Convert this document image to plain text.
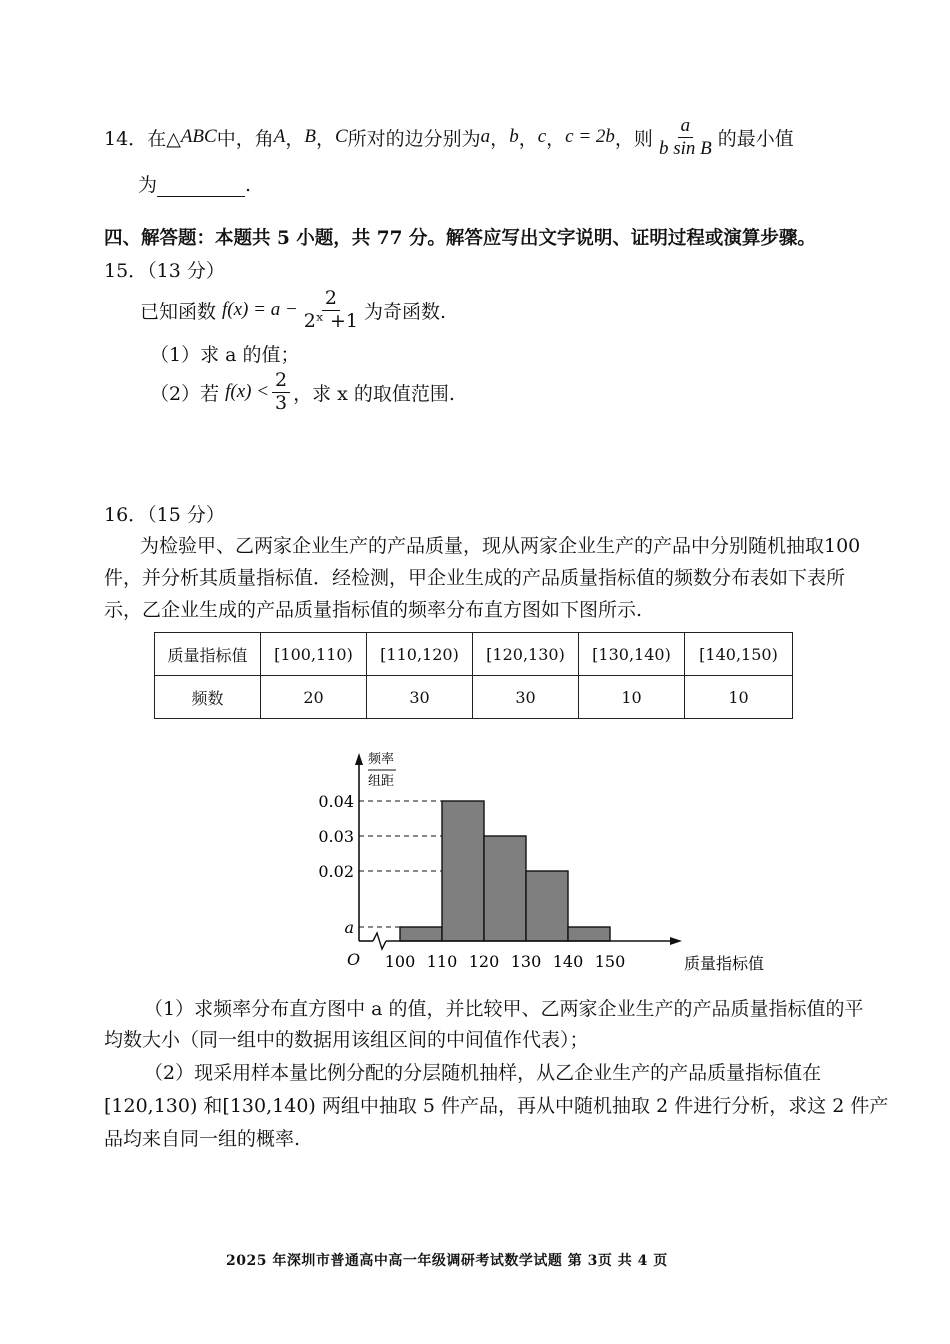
14． 在△ ABC 中，角 A ， B ， C 所对的边分别为 a ， b ， c ， c = 2b ，则 $\frac{a}{\text{b sin B}}$ 的最小值
为	.
四、解答题：本题共 5 小题，共 77 分。解答应写出文字说明、证明过程或演算步骤。
15．（13 分）
已知函数 $f(x) = a - \frac{2}{\text{2ˣ +1}}$ 为奇函数.
（1）求 a 的值；
（2）若 $f(x) < \frac{2}{3}$ ，求 x 的取值范围.
16．（15 分）
为检验甲、乙两家企业生产的产品质量，现从两家企业生产的产品中分别随机抽取100
件，并分析其质量指标值．经检测，甲企业生成的产品质量指标值的频数分布表如下表所
示，乙企业生成的产品质量指标值的频率分布直方图如下图所示.
质量指标值	[100,110)	[110,120)	[120,130)	[130,140)	[140,150)
频数	20	30	30	10	10
频率
组距
O	质量指标值
100 110 120 130 140 150
0.04
0.03
0.02
a
（1）求频率分布直方图中 a 的值，并比较甲、乙两家企业生产的产品质量指标值的平
均数大小（同一组中的数据用该组区间的中间值作代表）；
（2）现采用样本量比例分配的分层随机抽样，从乙企业生产的产品质量指标值在
[120,130) 和[130,140) 两组中抽取 5 件产品，再从中随机抽取 2 件进行分析，求这 2 件产
品均来自同一组的概率.
2025 年深圳市普通高中高一年级调研考试数学试题 第 3页 共 4 页
